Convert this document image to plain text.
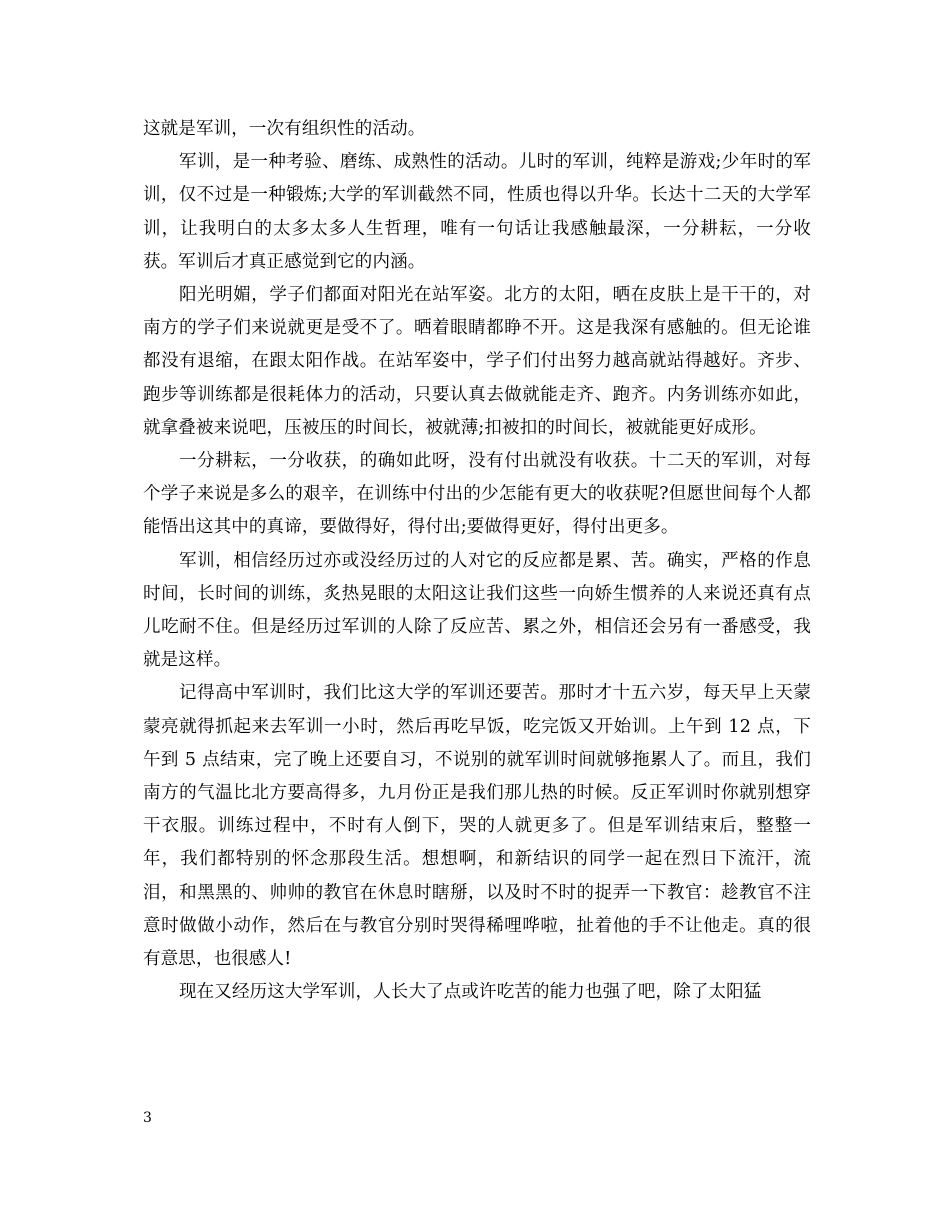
这就是军训，一次有组织性的活动。

军训，是一种考验、磨练、成熟性的活动。儿时的军训，纯粹是游戏;少年时的军训，仅不过是一种锻炼;大学的军训截然不同，性质也得以升华。长达十二天的大学军训，让我明白的太多太多人生哲理，唯有一句话让我感触最深，一分耕耘，一分收获。军训后才真正感觉到它的内涵。

阳光明媚，学子们都面对阳光在站军姿。北方的太阳，晒在皮肤上是干干的，对南方的学子们来说就更是受不了。晒着眼睛都睁不开。这是我深有感触的。但无论谁都没有退缩，在跟太阳作战。在站军姿中，学子们付出努力越高就站得越好。齐步、跑步等训练都是很耗体力的活动，只要认真去做就能走齐、跑齐。内务训练亦如此，就拿叠被来说吧，压被压的时间长，被就薄;扣被扣的时间长，被就能更好成形。

一分耕耘，一分收获，的确如此呀，没有付出就没有收获。十二天的军训，对每个学子来说是多么的艰辛，在训练中付出的少怎能有更大的收获呢?但愿世间每个人都能悟出这其中的真谛，要做得好，得付出;要做得更好，得付出更多。

军训，相信经历过亦或没经历过的人对它的反应都是累、苦。确实，严格的作息时间，长时间的训练，炙热晃眼的太阳这让我们这些一向娇生惯养的人来说还真有点儿吃耐不住。但是经历过军训的人除了反应苦、累之外，相信还会另有一番感受，我就是这样。

记得高中军训时，我们比这大学的军训还要苦。那时才十五六岁，每天早上天蒙蒙亮就得抓起来去军训一小时，然后再吃早饭，吃完饭又开始训。上午到 12 点，下午到 5 点结束，完了晚上还要自习，不说别的就军训时间就够拖累人了。而且，我们南方的气温比北方要高得多，九月份正是我们那儿热的时候。反正军训时你就别想穿干衣服。训练过程中，不时有人倒下，哭的人就更多了。但是军训结束后，整整一年，我们都特别的怀念那段生活。想想啊，和新结识的同学一起在烈日下流汗，流泪，和黑黑的、帅帅的教官在休息时瞎掰，以及时不时的捉弄一下教官：趁教官不注意时做做小动作，然后在与教官分别时哭得稀哩哗啦，扯着他的手不让他走。真的很有意思，也很感人!

现在又经历这大学军训，人长大了点或许吃苦的能力也强了吧，除了太阳猛

3
